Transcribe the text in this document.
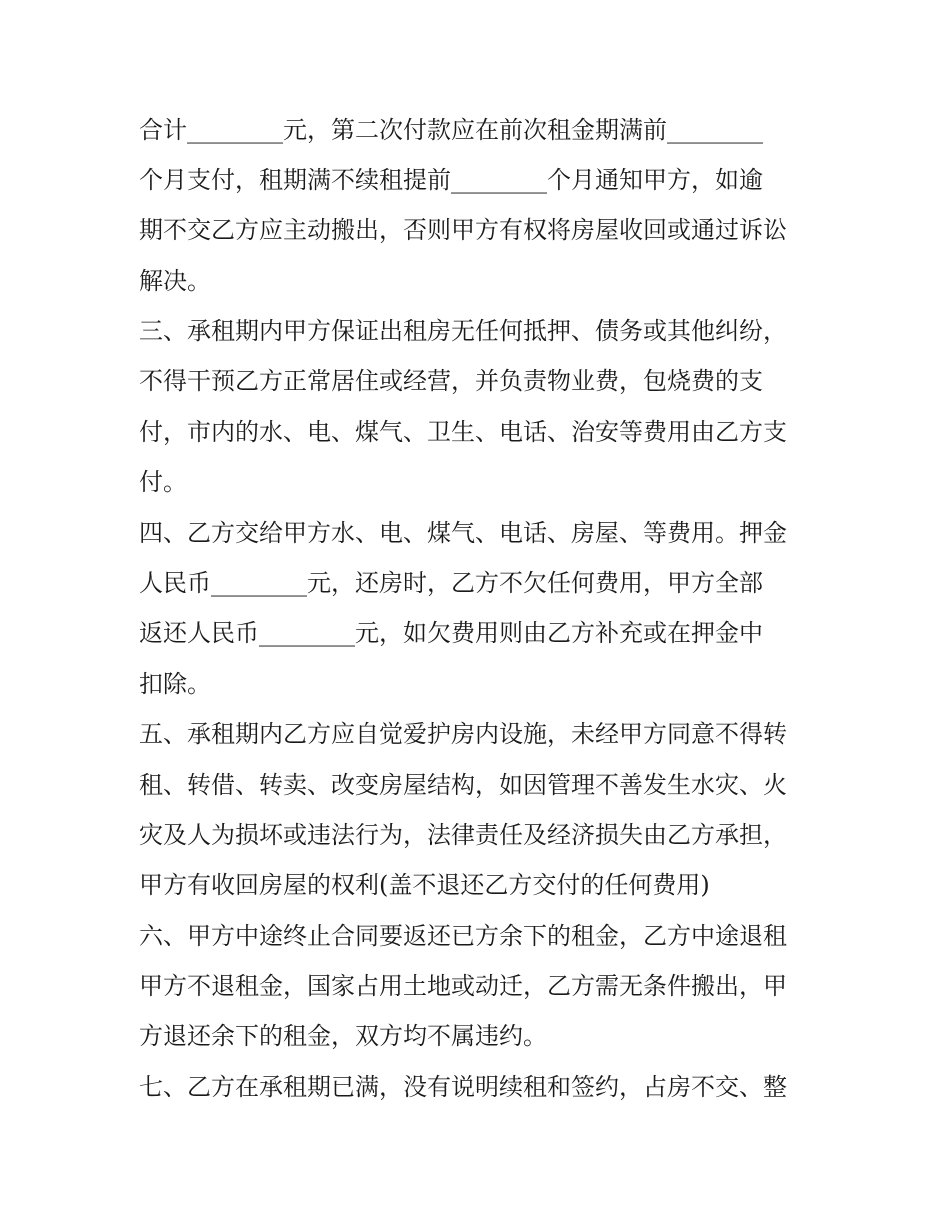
合计________元，第二次付款应在前次租金期满前________
个月支付，租期满不续租提前________个月通知甲方，如逾
期不交乙方应主动搬出，否则甲方有权将房屋收回或通过诉讼
解决。
三、承租期内甲方保证出租房无任何抵押、债务或其他纠纷，
不得干预乙方正常居住或经营，并负责物业费，包烧费的支
付，市内的水、电、煤气、卫生、电话、治安等费用由乙方支
付。
四、乙方交给甲方水、电、煤气、电话、房屋、等费用。押金
人民币________元，还房时，乙方不欠任何费用，甲方全部
返还人民币________元，如欠费用则由乙方补充或在押金中
扣除。
五、承租期内乙方应自觉爱护房内设施，未经甲方同意不得转
租、转借、转卖、改变房屋结构，如因管理不善发生水灾、火
灾及人为损坏或违法行为，法律责任及经济损失由乙方承担，
甲方有收回房屋的权利(盖不退还乙方交付的任何费用)
六、甲方中途终止合同要返还已方余下的租金，乙方中途退租
甲方不退租金，国家占用土地或动迁，乙方需无条件搬出，甲
方退还余下的租金，双方均不属违约。
七、乙方在承租期已满，没有说明续租和签约，占房不交、整
